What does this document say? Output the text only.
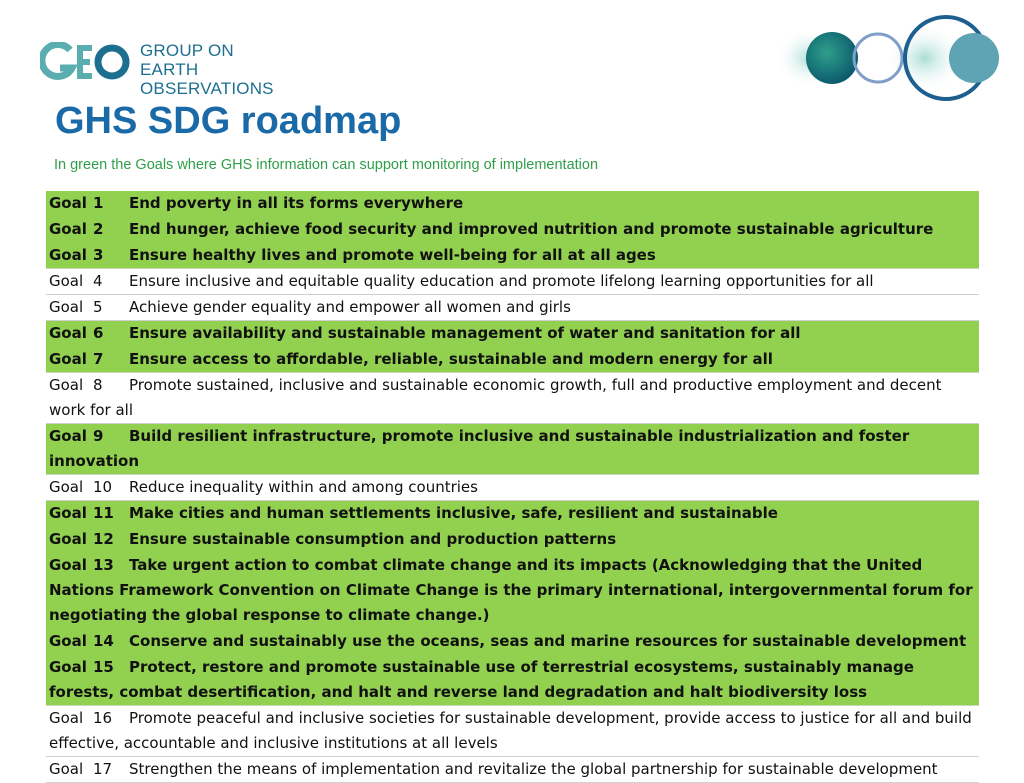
GROUP ON
EARTH OBSERVATIONS
GHS SDG roadmap

In green the Goals where GHS information can support monitoring of implementation

Goal 1 End poverty in all its forms everywhere
Goal 2 End hunger, achieve food security and improved nutrition and promote sustainable agriculture
Goal 3 Ensure healthy lives and promote well-being for all at all ages
Goal 4 Ensure inclusive and equitable quality education and promote lifelong learning opportunities for all
Goal 5 Achieve gender equality and empower all women and girls
Goal 6 Ensure availability and sustainable management of water and sanitation for all
Goal 7 Ensure access to affordable, reliable, sustainable and modern energy for all
Goal 8 Promote sustained, inclusive and sustainable economic growth, full and productive employment and decent work for all
Goal 9 Build resilient infrastructure, promote inclusive and sustainable industrialization and foster innovation
Goal 10 Reduce inequality within and among countries
Goal 11 Make cities and human settlements inclusive, safe, resilient and sustainable
Goal 12 Ensure sustainable consumption and production patterns
Goal 13 Take urgent action to combat climate change and its impacts (Acknowledging that the United Nations Framework Convention on Climate Change is the primary international, intergovernmental forum for negotiating the global response to climate change.)
Goal 14 Conserve and sustainably use the oceans, seas and marine resources for sustainable development
Goal 15 Protect, restore and promote sustainable use of terrestrial ecosystems, sustainably manage forests, combat desertification, and halt and reverse land degradation and halt biodiversity loss
Goal 16 Promote peaceful and inclusive societies for sustainable development, provide access to justice for all and build effective, accountable and inclusive institutions at all levels
Goal 17 Strengthen the means of implementation and revitalize the global partnership for sustainable development
